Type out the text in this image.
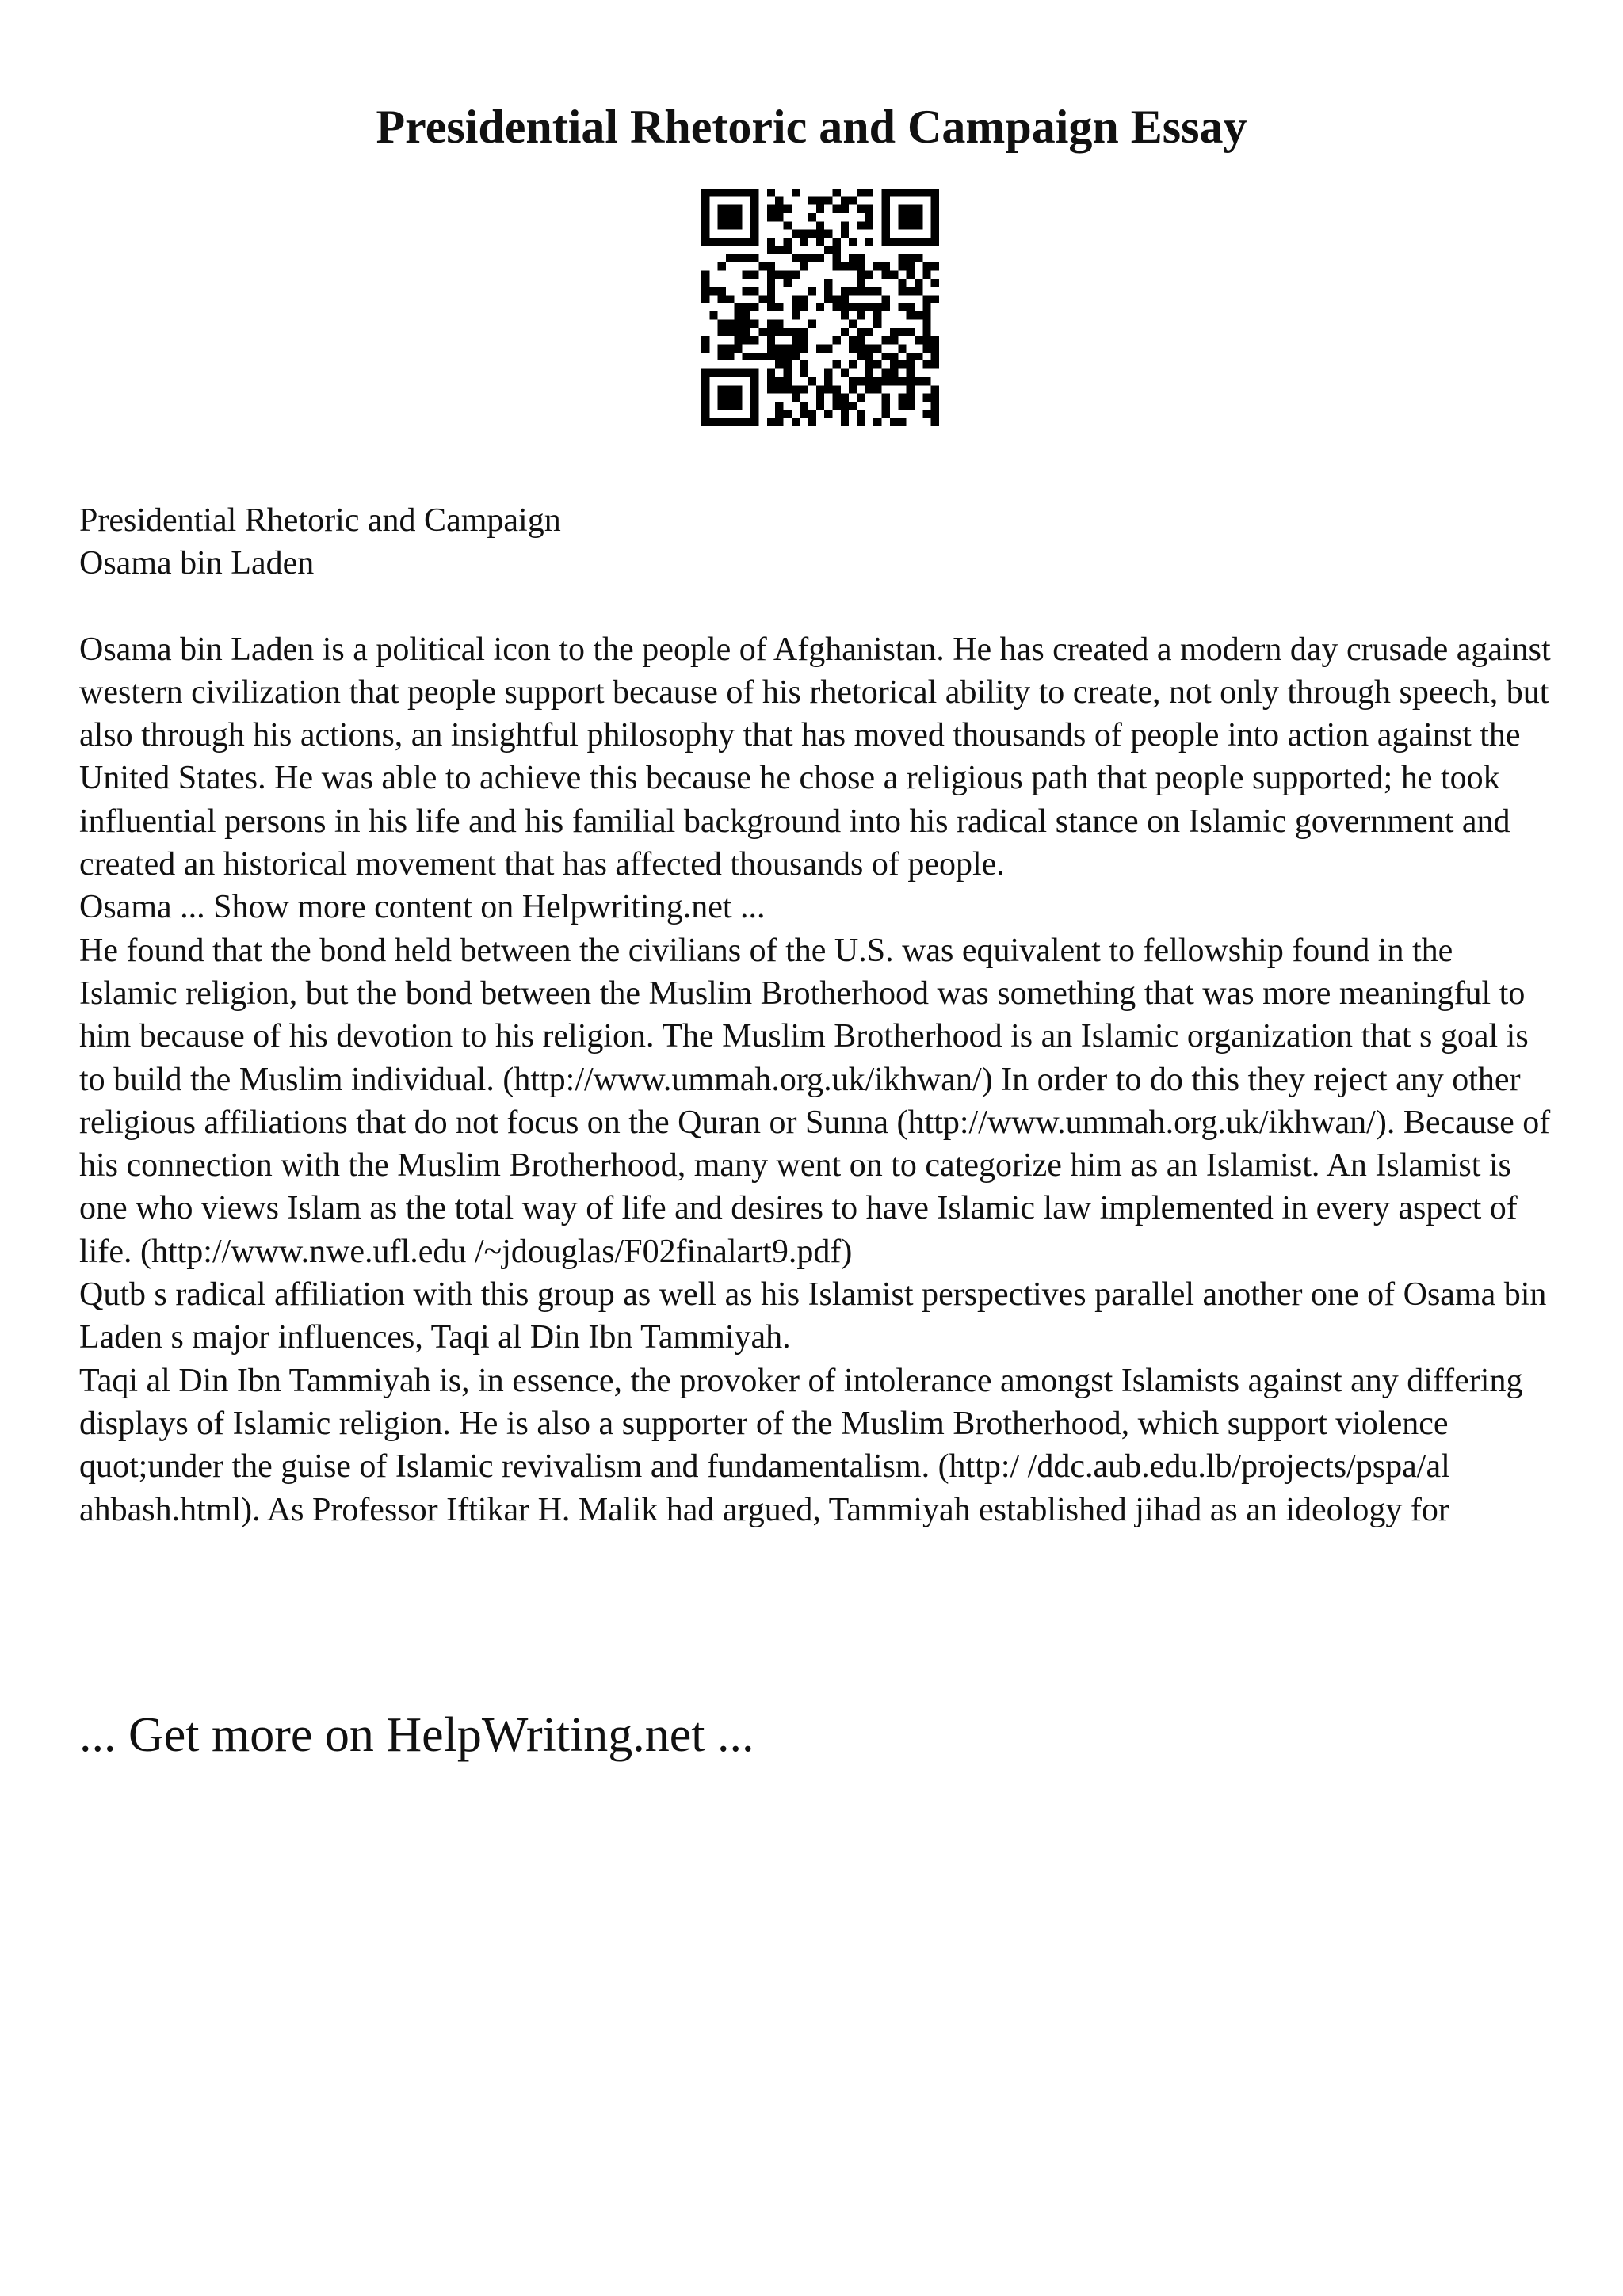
Presidential Rhetoric and Campaign Essay

Presidential Rhetoric and Campaign

Osama bin Laden

Osama bin Laden is a political icon to the people of Afghanistan. He has created a modern day crusade against western civilization that people support because of his rhetorical ability to create, not only through speech, but also through his actions, an insightful philosophy that has moved thousands of people into action against the United States. He was able to achieve this because he chose a religious path that people supported; he took influential persons in his life and his familial background into his radical stance on Islamic government and created an historical movement that has affected thousands of people.

Osama ... Show more content on Helpwriting.net ...

He found that the bond held between the civilians of the U.S. was equivalent to fellowship found in the Islamic religion, but the bond between the Muslim Brotherhood was something that was more meaningful to him because of his devotion to his religion. The Muslim Brotherhood is an Islamic organization that s goal is to build the Muslim individual. (http://www.ummah.org.uk/ikhwan/) In order to do this they reject any other religious affiliations that do not focus on the Quran or Sunna (http://www.ummah.org.uk/ikhwan/). Because of his connection with the Muslim Brotherhood, many went on to categorize him as an Islamist. An Islamist is one who views Islam as the total way of life and desires to have Islamic law implemented in every aspect of life. (http://www.nwe.ufl.edu /~jdouglas/F02finalart9.pdf)

Qutb s radical affiliation with this group as well as his Islamist perspectives parallel another one of Osama bin Laden s major influences, Taqi al Din Ibn Tammiyah.

Taqi al Din Ibn Tammiyah is, in essence, the provoker of intolerance amongst Islamists against any differing displays of Islamic religion. He is also a supporter of the Muslim Brotherhood, which support violence quot;under the guise of Islamic revivalism and fundamentalism. (http:/ /ddc.aub.edu.lb/projects/pspa/al ahbash.html). As Professor Iftikar H. Malik had argued, Tammiyah established jihad as an ideology for

... Get more on HelpWriting.net ...
